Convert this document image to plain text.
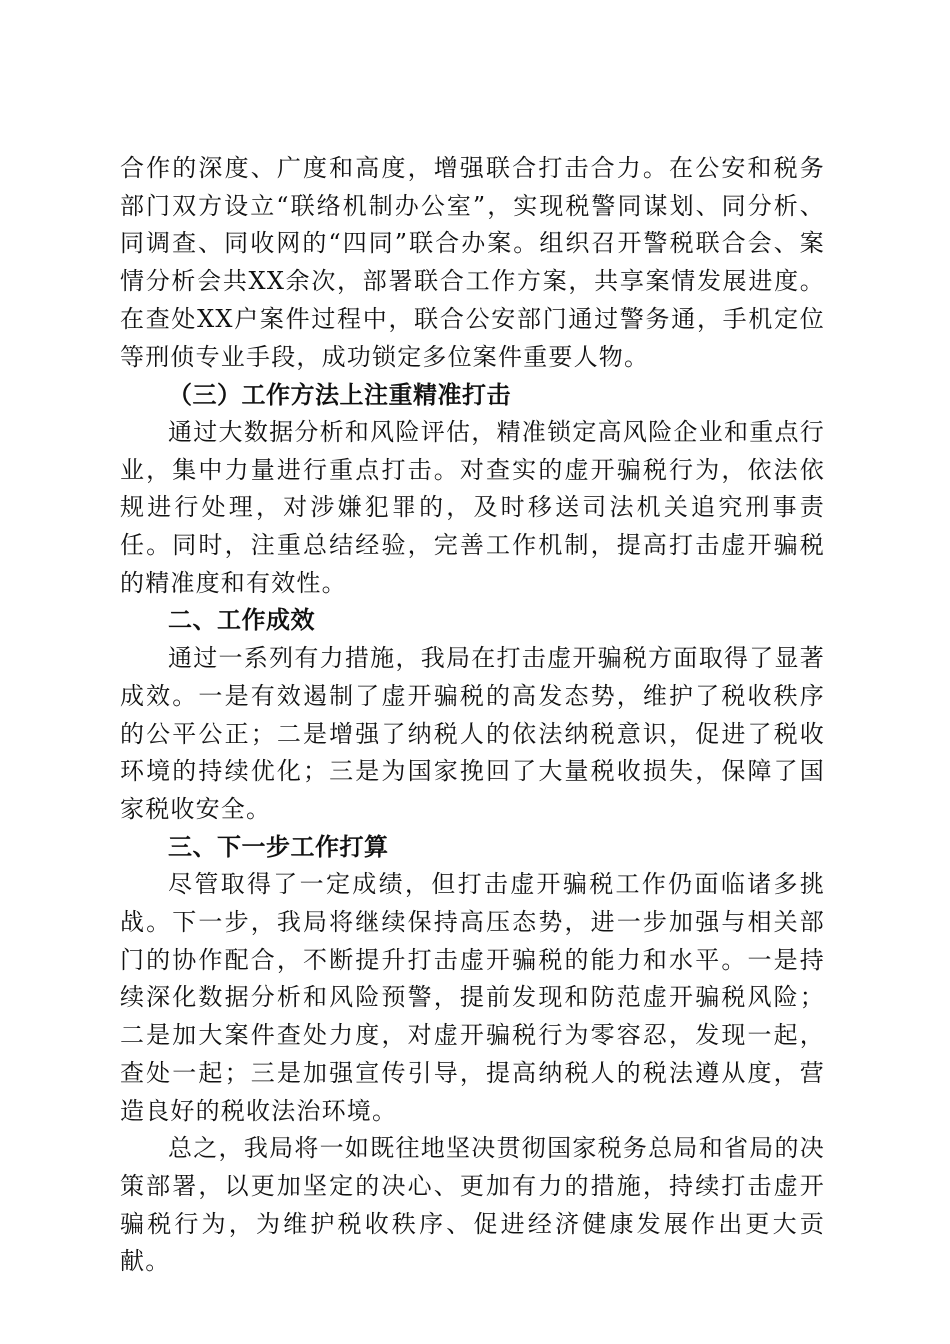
合作的深度、广度和高度，增强联合打击合力。在公安和税务部门双方设立“联络机制办公室”，实现税警同谋划、同分析、同调查、同收网的“四同”联合办案。组织召开警税联合会、案情分析会共XX余次，部署联合工作方案，共享案情发展进度。在查处XX户案件过程中，联合公安部门通过警务通，手机定位等刑侦专业手段，成功锁定多位案件重要人物。

（三）工作方法上注重精准打击

通过大数据分析和风险评估，精准锁定高风险企业和重点行业，集中力量进行重点打击。对查实的虚开骗税行为，依法依规进行处理，对涉嫌犯罪的，及时移送司法机关追究刑事责任。同时，注重总结经验，完善工作机制，提高打击虚开骗税的精准度和有效性。

二、工作成效

通过一系列有力措施，我局在打击虚开骗税方面取得了显著成效。一是有效遏制了虚开骗税的高发态势，维护了税收秩序的公平公正；二是增强了纳税人的依法纳税意识，促进了税收环境的持续优化；三是为国家挽回了大量税收损失，保障了国家税收安全。

三、下一步工作打算

尽管取得了一定成绩，但打击虚开骗税工作仍面临诸多挑战。下一步，我局将继续保持高压态势，进一步加强与相关部门的协作配合，不断提升打击虚开骗税的能力和水平。一是持续深化数据分析和风险预警，提前发现和防范虚开骗税风险；二是加大案件查处力度，对虚开骗税行为零容忍，发现一起，查处一起；三是加强宣传引导，提高纳税人的税法遵从度，营造良好的税收法治环境。

总之，我局将一如既往地坚决贯彻国家税务总局和省局的决策部署，以更加坚定的决心、更加有力的措施，持续打击虚开骗税行为，为维护税收秩序、促进经济健康发展作出更大贡献。
